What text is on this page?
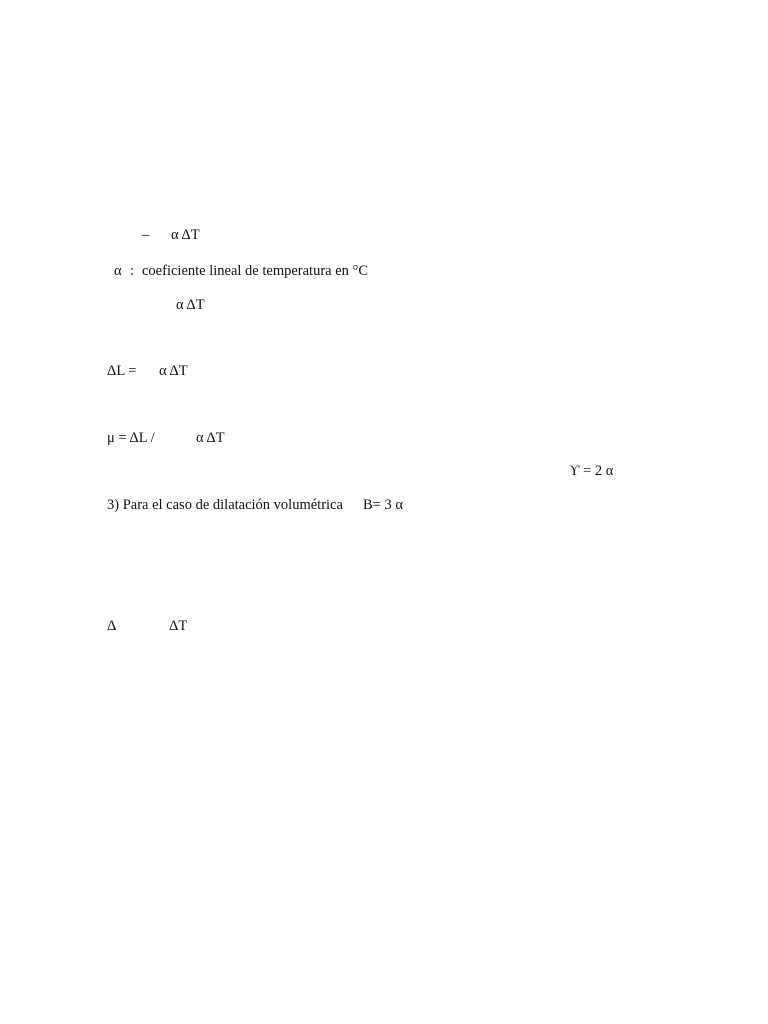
– α ΔT
α : coeficiente lineal de temperatura en °C
α ΔT
ΔL = α ΔT
μ = ΔL /	α ΔT
ϒ = 2 α
3) Para el caso de dilatación volumétrica B= 3 α
Δ	ΔT
